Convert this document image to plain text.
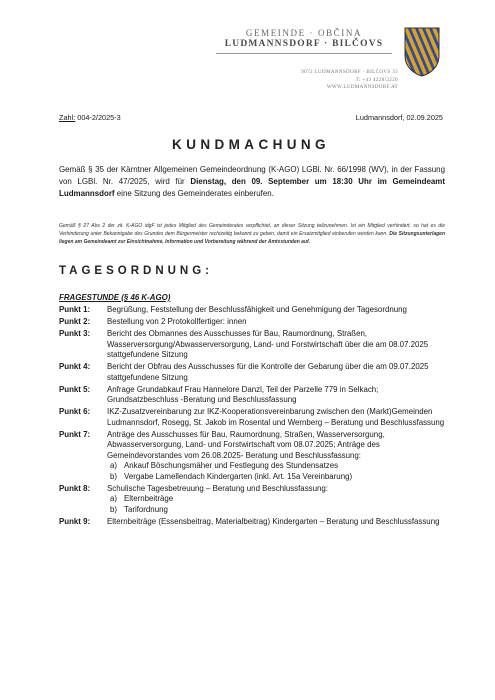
GEMEINDE · OBČINA
LUDMANNSDORF · BILČOVS
9072 LUDMANNSDORF · BILČOVS 33
T: +43 4228/2220
WWW.LUDMANNSDORF.AT
Zahl: 004-2/2025-3	Ludmannsdorf, 02.09.2025
KUNDMACHUNG
Gemäß § 35 der Kärntner Allgemeinen Gemeindeordnung (K-AGO) LGBl. Nr. 66/1998 (WV), in der Fassung von LGBl. Nr. 47/2025, wird für Dienstag, den 09. September um 18:30 Uhr im Gemeindeamt Ludmannsdorf eine Sitzung des Gemeinderates einberufen.
Gemäß § 27 Abs 2 der zit. K-AGO idgF ist jedes Mitglied des Gemeinderates verpflichtet, an dieser Sitzung teilzunehmen. Ist ein Mitglied verhindert, so hat es die Verhinderung unter Bekanntgabe des Grundes dem Bürgermeister rechtzeitig bekannt zu geben, damit ein Ersatzmitglied einberufen werden kann. Die Sitzungsunterlagen liegen am Gemeindeamt zur Einsichtnahme, Information und Vorbereitung während der Amtsstunden auf.
TAGESORDNUNG:
FRAGESTUNDE (§ 46 K-AGO)
Punkt 1:	Begrüßung, Feststellung der Beschlussfähigkeit und Genehmigung der Tagesordnung
Punkt 2:	Bestellung von 2 Protokollfertiger: innen
Punkt 3:	Bericht des Obmannes des Ausschusses für Bau, Raumordnung, Straßen, Wasserversorgung/Abwasserversorgung, Land- und Forstwirtschaft über die am 08.07.2025 stattgefundene Sitzung
Punkt 4:	Bericht der Obfrau des Ausschusses für die Kontrolle der Gebarung über die am 09.07.2025 stattgefundene Sitzung
Punkt 5:	Anfrage Grundabkauf Frau Hannelore Danzl, Teil der Parzelle 779 in Selkach; Grundsatzbeschluss -Beratung und Beschlussfassung
Punkt 6:	IKZ-Zusatzvereinbarung zur IKZ-Kooperationsvereinbarung zwischen den (Markt)Gemeinden Ludmannsdorf, Rosegg, St. Jakob im Rosental und Wernberg – Beratung und Beschlussfassung
Punkt 7:	Anträge des Ausschusses für Bau, Raumordnung, Straßen, Wasserversorgung, Abwasserversorgung, Land- und Forstwirtschaft vom 08.07.2025; Anträge des Gemeindevorstandes vom 26.08.2025- Beratung und Beschlussfassung:
a) Ankauf Böschungsmäher und Festlegung des Stundensatzes
b) Vergabe Lamellendach Kindergarten (inkl. Art. 15a Vereinbarung)
Punkt 8:	Schulische Tagesbetreuung – Beratung und Beschlussfassung:
a) Elternbeiträge
b) Tarifordnung
Punkt 9:	Elternbeiträge (Essensbeitrag, Materialbeitrag) Kindergarten – Beratung und Beschlussfassung
